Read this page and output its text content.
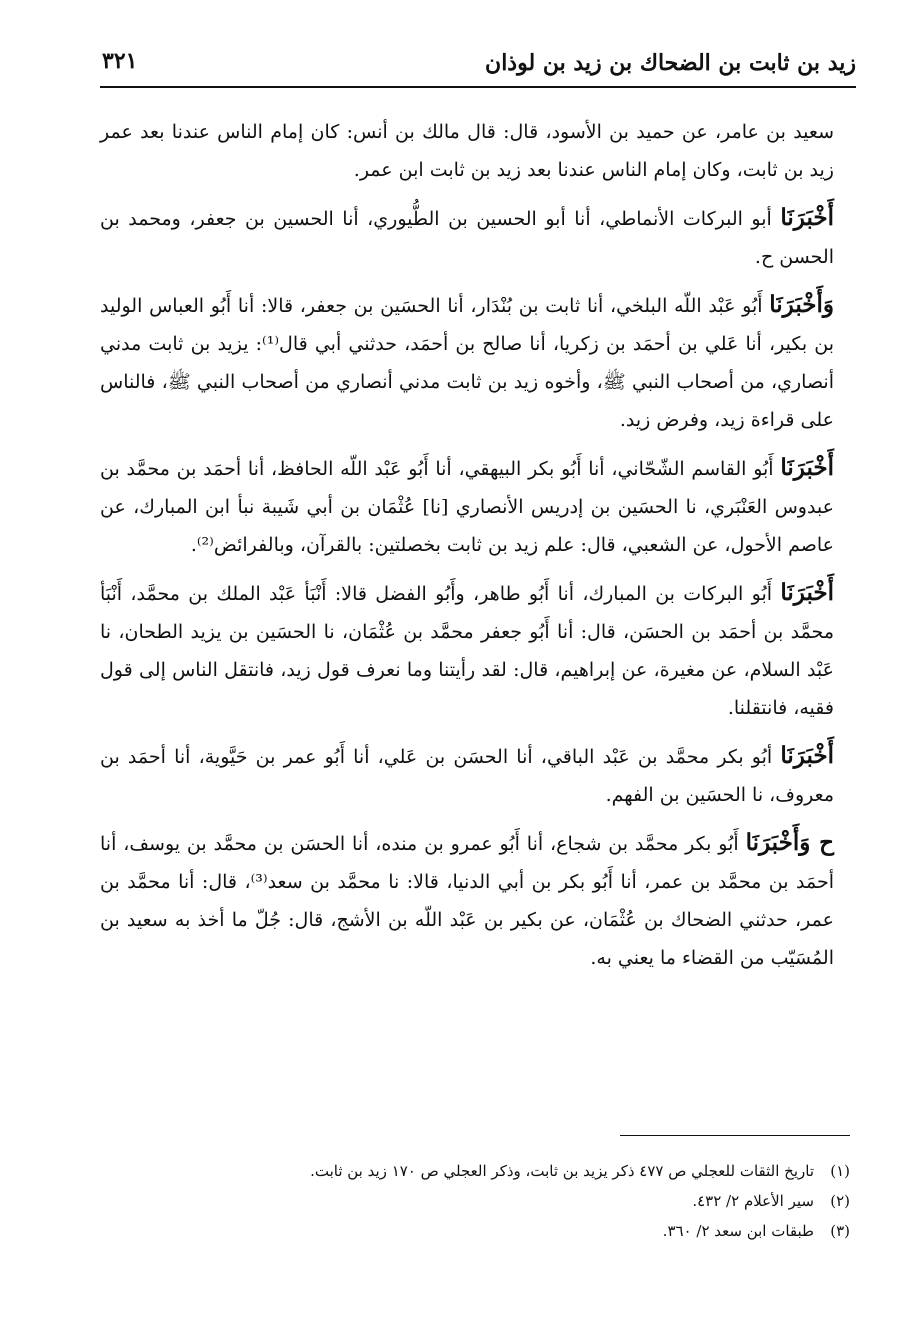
زيد بن ثابت بن الضحاك بن زيد بن لوذان
٣٢١

سعيد بن عامر، عن حميد بن الأسود، قال: قال مالك بن أنس: كان إمام الناس عندنا بعد عمر زيد بن ثابت، وكان إمام الناس عندنا بعد زيد بن ثابت ابن عمر.

أَخْبَرَنَا أبو البركات الأنماطي، أنا أبو الحسين بن الطُّيوري، أنا الحسين بن جعفر، ومحمد بن الحسن ح.

وَأَخْبَرَنَا أَبُو عَبْد اللّه البلخي، أنا ثابت بن بُنْدَار، أنا الحسَين بن جعفر، قالا: أنا أَبُو العباس الوليد بن بكير، أنا عَلي بن أحمَد بن زكريا، أنا صالح بن أحمَد، حدثني أبي قال⁽¹⁾: يزيد بن ثابت مدني أنصاري، من أصحاب النبي ﷺ، وأخوه زيد بن ثابت مدني أنصاري من أصحاب النبي ﷺ، فالناس على قراءة زيد، وفرض زيد.

أَخْبَرَنَا أَبُو القاسم الشّحّاني، أنا أَبُو بكر البيهقي، أنا أَبُو عَبْد اللّه الحافظ، أنا أحمَد بن محمَّد بن عبدوس العَنْبَري، نا الحسَين بن إدريس الأنصاري [نا] عُثْمَان بن أبي شَيبة نبأ ابن المبارك، عن عاصم الأحول، عن الشعبي، قال: علم زيد بن ثابت بخصلتين: بالقرآن، وبالفرائض⁽²⁾.

أَخْبَرَنَا أَبُو البركات بن المبارك، أنا أَبُو طاهر، وأَبُو الفضل قالا: أَنْبَأ عَبْد الملك بن محمَّد، أَنْبَأ محمَّد بن أحمَد بن الحسَن، قال: أنا أَبُو جعفر محمَّد بن عُثْمَان، نا الحسَين بن يزيد الطحان، نا عَبْد السلام، عن مغيرة، عن إبراهيم، قال: لقد رأيتنا وما نعرف قول زيد، فانتقل الناس إلى قول فقيه، فانتقلنا.

أَخْبَرَنَا أبُو بكر محمَّد بن عَبْد الباقي، أنا الحسَن بن عَلي، أنا أَبُو عمر بن حَيَّوية، أنا أحمَد بن معروف، نا الحسَين بن الفهم.

ح وَأَخْبَرَنَا أَبُو بكر محمَّد بن شجاع، أنا أَبُو عمرو بن منده، أنا الحسَن بن محمَّد بن يوسف، أنا أحمَد بن محمَّد بن عمر، أنا أَبُو بكر بن أبي الدنيا، قالا: نا محمَّد بن سعد⁽³⁾، قال: أنا محمَّد بن عمر، حدثني الضحاك بن عُثْمَان، عن بكير بن عَبْد اللّه بن الأشج، قال: جُلّ ما أخذ به سعيد بن المُسَيّب من القضاء ما يعني به.

(١)تاريخ الثقات للعجلي ص ٤٧٧ ذكر يزيد بن ثابت، وذكر العجلي ص ١٧٠ زيد بن ثابت.
(٢)سير الأعلام ٢/ ٤٣٢.
(٣)طبقات ابن سعد ٢/ ٣٦٠.
